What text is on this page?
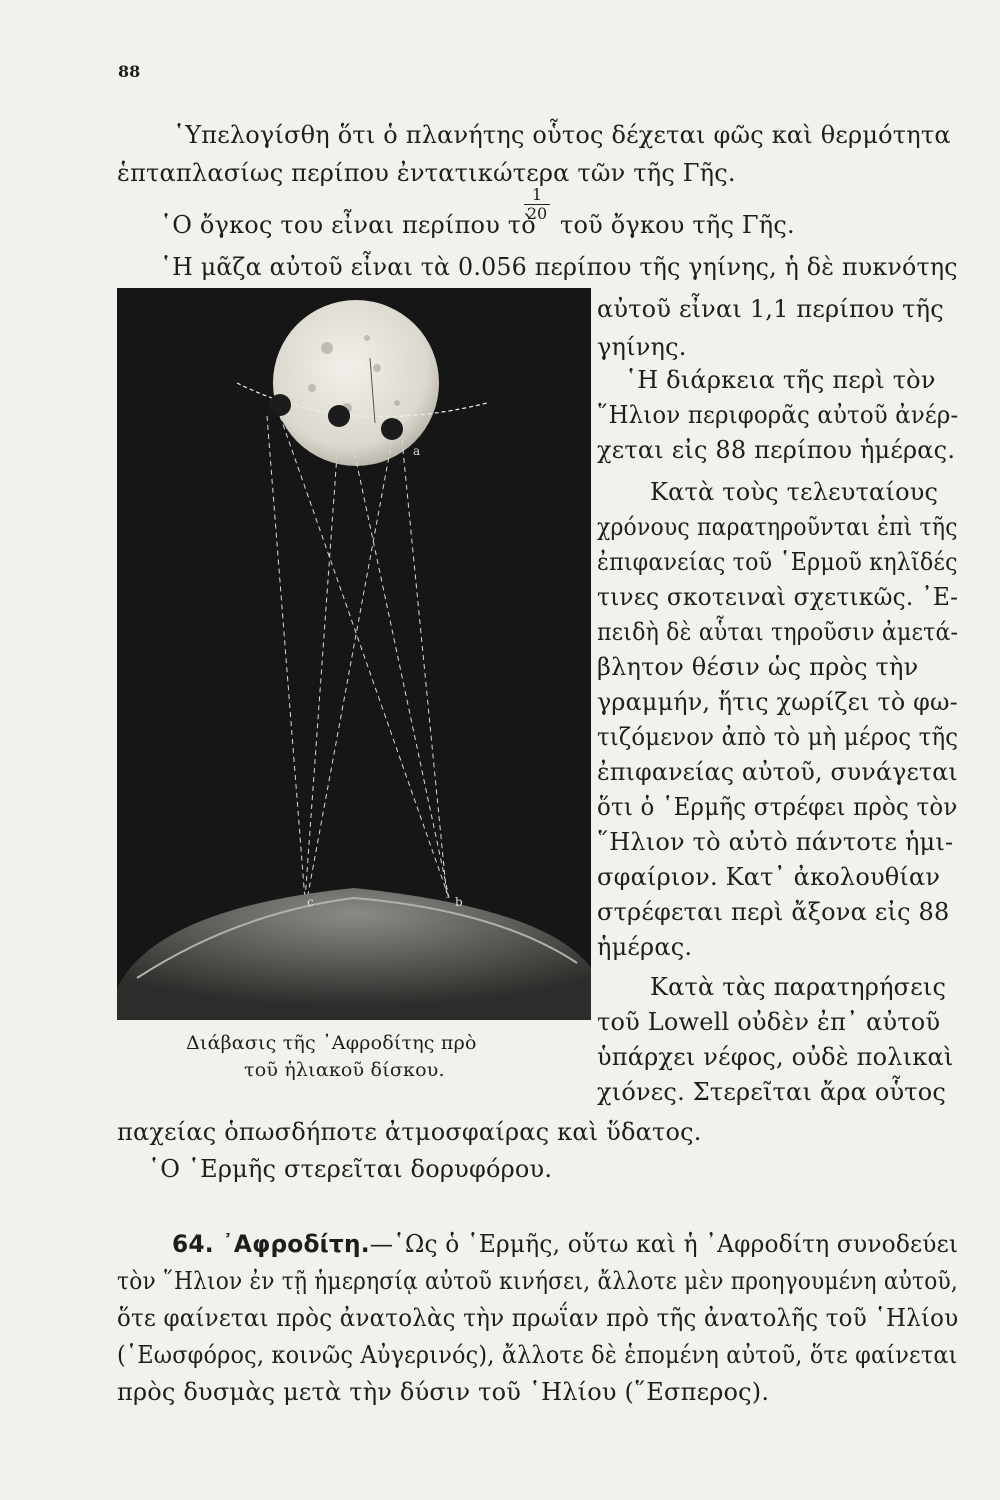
88
῾Υπελογίσθη ὅτι ὁ πλανήτης οὗτος δέχεται φῶς καὶ θερμότητα
ἑπταπλασίως περίπου ἐντατικώτερα τῶν τῆς Γῆς.
῾Ο ὄγκος του εἶναι περίπου τὸ
1
20 τοῦ ὄγκου τῆς Γῆς.
῾Η μᾶζα αὐτοῦ εἶναι τὰ 0.056 περίπου τῆς γηίνης, ἡ δὲ πυκνότης
a
c	b
Διάβασις τῆς ᾿Αφροδίτης πρὸ
τοῦ ἡλιακοῦ δίσκου.
αὐτοῦ εἶναι 1,1 περίπου τῆς
γηίνης.
῾Η διάρκεια τῆς περὶ τὸν
῞Ηλιον περιφορᾶς αὐτοῦ ἀνέρ-
χεται εἰς 88 περίπου ἡμέρας.
Κατὰ τοὺς τελευταίους
χρόνους παρατηροῦνται ἐπὶ τῆς
ἐπιφανείας τοῦ ῾Ερμοῦ κηλῖδές
τινες σκοτειναὶ σχετικῶς. ᾿Ε-
πειδὴ δὲ αὗται τηροῦσιν ἀμετά-
βλητον θέσιν ὡς πρὸς τὴν
γραμμήν, ἥτις χωρίζει τὸ φω-
τιζόμενον ἀπὸ τὸ μὴ μέρος τῆς
ἐπιφανείας αὐτοῦ, συνάγεται
ὅτι ὁ ῾Ερμῆς στρέφει πρὸς τὸν
῞Ηλιον τὸ αὐτὸ πάντοτε ἡμι-
σφαίριον. Κατ᾿ ἀκολουθίαν
στρέφεται περὶ ἄξονα εἰς 88
ἡμέρας.
Κατὰ τὰς παρατηρήσεις
τοῦ Lowell οὐδὲν ἐπ᾿ αὐτοῦ
ὑπάρχει νέφος, οὐδὲ πολικαὶ
χιόνες. Στερεῖται ἄρα οὗτος
παχείας ὁπωσδήποτε ἀτμοσφαίρας καὶ ὕδατος.
῾Ο ῾Ερμῆς στερεῖται δορυφόρου.
64. ᾿Αφροδίτη.—῾Ως ὁ ῾Ερμῆς, οὕτω καὶ ἡ ᾿Αφροδίτη συνοδεύει
τὸν ῞Ηλιον ἐν τῇ ἡμερησίᾳ αὐτοῦ κινήσει, ἄλλοτε μὲν προηγουμένη αὐτοῦ,
ὅτε φαίνεται πρὸς ἀνατολὰς τὴν πρωΐαν πρὸ τῆς ἀνατολῆς τοῦ ῾Ηλίου
(῾Εωσφόρος, κοινῶς Αὐγερινός), ἄλλοτε δὲ ἑπομένη αὐτοῦ, ὅτε φαίνεται
πρὸς δυσμὰς μετὰ τὴν δύσιν τοῦ ῾Ηλίου (῞Εσπερος).
